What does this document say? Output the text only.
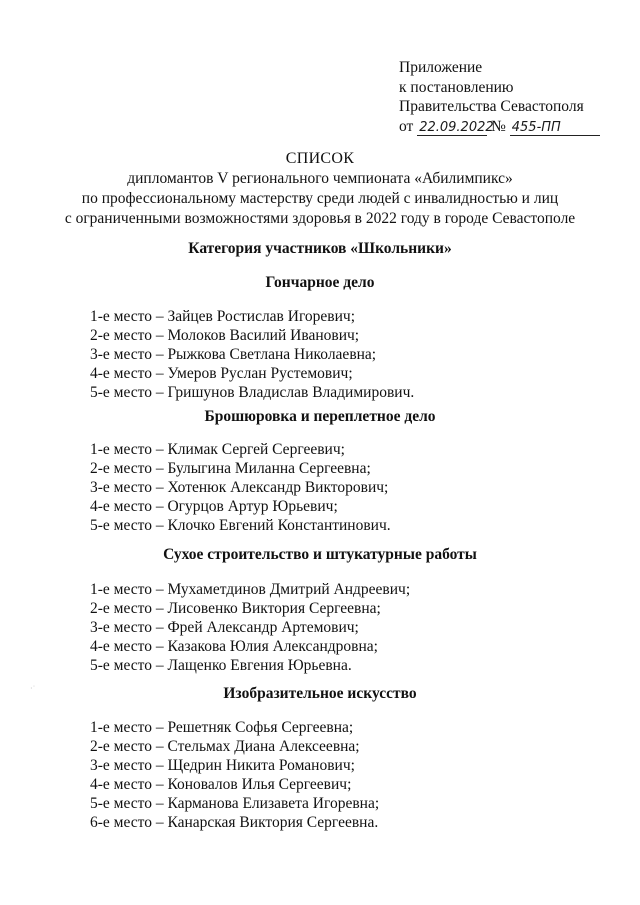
Приложение
к постановлению
Правительства Севастополя
от 22.09.2022 № 455-ПП
СПИСОК
дипломантов V регионального чемпионата «Абилимпикс»
по профессиональному мастерству среди людей с инвалидностью и лиц
с ограниченными возможностями здоровья в 2022 году в городе Севастополе
Категория участников «Школьники»
Гончарное дело
1-е место – Зайцев Ростислав Игоревич;
2-е место – Молоков Василий Иванович;
3-е место – Рыжкова Светлана Николаевна;
4-е место – Умеров Руслан Рустемович;
5-е место – Гришунов Владислав Владимирович.
Брошюровка и переплетное дело
1-е место – Климак Сергей Сергеевич;
2-е место – Булыгина Миланна Сергеевна;
3-е место – Хотенюк Александр Викторович;
4-е место – Огурцов Артур Юрьевич;
5-е место – Клочко Евгений Константинович.
Сухое строительство и штукатурные работы
1-е место – Мухаметдинов Дмитрий Андреевич;
2-е место – Лисовенко Виктория Сергеевна;
3-е место – Фрей Александр Артемович;
4-е место – Казакова Юлия Александровна;
5-е место – Лащенко Евгения Юрьевна.
Изобразительное искусство
1-е место – Решетняк Софья Сергеевна;
2-е место – Стельмах Диана Алексеевна;
3-е место – Щедрин Никита Романович;
4-е место – Коновалов Илья Сергеевич;
5-е место – Карманова Елизавета Игоревна;
6-е место – Канарская Виктория Сергеевна.
·˙
